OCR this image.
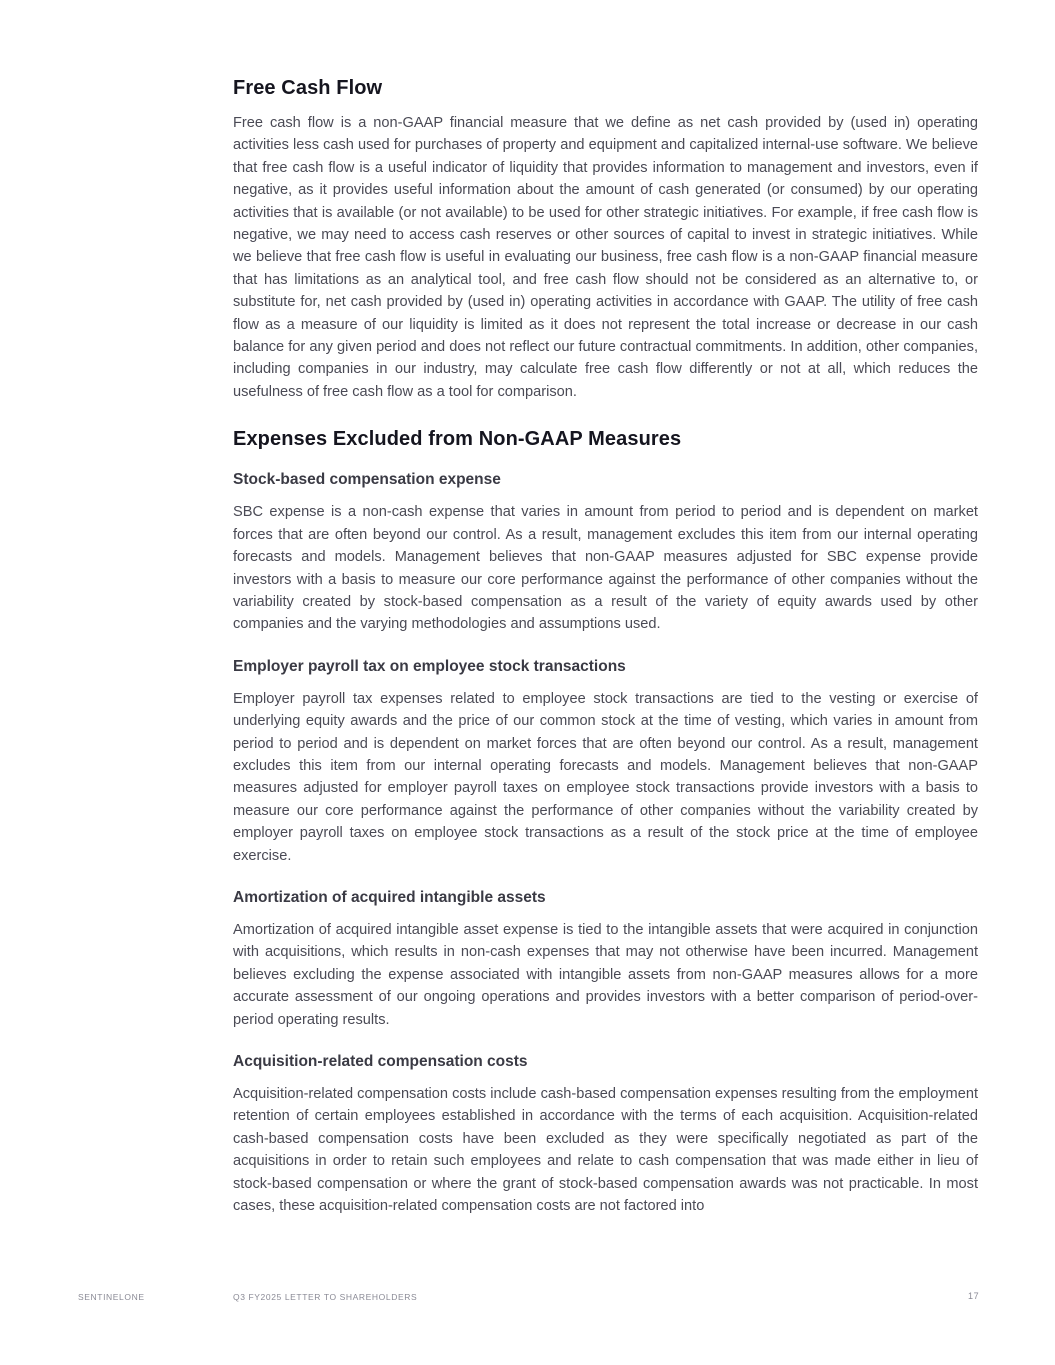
Free Cash Flow

Free cash flow is a non-GAAP financial measure that we define as net cash provided by (used in) operating activities less cash used for purchases of property and equipment and capitalized internal-use software. We believe that free cash flow is a useful indicator of liquidity that provides information to management and investors, even if negative, as it provides useful information about the amount of cash generated (or consumed) by our operating activities that is available (or not available) to be used for other strategic initiatives. For example, if free cash flow is negative, we may need to access cash reserves or other sources of capital to invest in strategic initiatives. While we believe that free cash flow is useful in evaluating our business, free cash flow is a non-GAAP financial measure that has limitations as an analytical tool, and free cash flow should not be considered as an alternative to, or substitute for, net cash provided by (used in) operating activities in accordance with GAAP. The utility of free cash flow as a measure of our liquidity is limited as it does not represent the total increase or decrease in our cash balance for any given period and does not reflect our future contractual commitments. In addition, other companies, including companies in our industry, may calculate free cash flow differently or not at all, which reduces the usefulness of free cash flow as a tool for comparison.

Expenses Excluded from Non-GAAP Measures
Stock-based compensation expense

SBC expense is a non-cash expense that varies in amount from period to period and is dependent on market forces that are often beyond our control. As a result, management excludes this item from our internal operating forecasts and models. Management believes that non-GAAP measures adjusted for SBC expense provide investors with a basis to measure our core performance against the performance of other companies without the variability created by stock-based compensation as a result of the variety of equity awards used by other companies and the varying methodologies and assumptions used.

Employer payroll tax on employee stock transactions

Employer payroll tax expenses related to employee stock transactions are tied to the vesting or exercise of underlying equity awards and the price of our common stock at the time of vesting, which varies in amount from period to period and is dependent on market forces that are often beyond our control. As a result, management excludes this item from our internal operating forecasts and models. Management believes that non-GAAP measures adjusted for employer payroll taxes on employee stock transactions provide investors with a basis to measure our core performance against the performance of other companies without the variability created by employer payroll taxes on employee stock transactions as a result of the stock price at the time of employee exercise.

Amortization of acquired intangible assets

Amortization of acquired intangible asset expense is tied to the intangible assets that were acquired in conjunction with acquisitions, which results in non-cash expenses that may not otherwise have been incurred. Management believes excluding the expense associated with intangible assets from non-GAAP measures allows for a more accurate assessment of our ongoing operations and provides investors with a better comparison of period-over-period operating results.

Acquisition-related compensation costs

Acquisition-related compensation costs include cash-based compensation expenses resulting from the employment retention of certain employees established in accordance with the terms of each acquisition. Acquisition-related cash-based compensation costs have been excluded as they were specifically negotiated as part of the acquisitions in order to retain such employees and relate to cash compensation that was made either in lieu of stock-based compensation or where the grant of stock-based compensation awards was not practicable. In most cases, these acquisition-related compensation costs are not factored into

SENTINELONE	Q3 FY2025 LETTER TO SHAREHOLDERS	17
